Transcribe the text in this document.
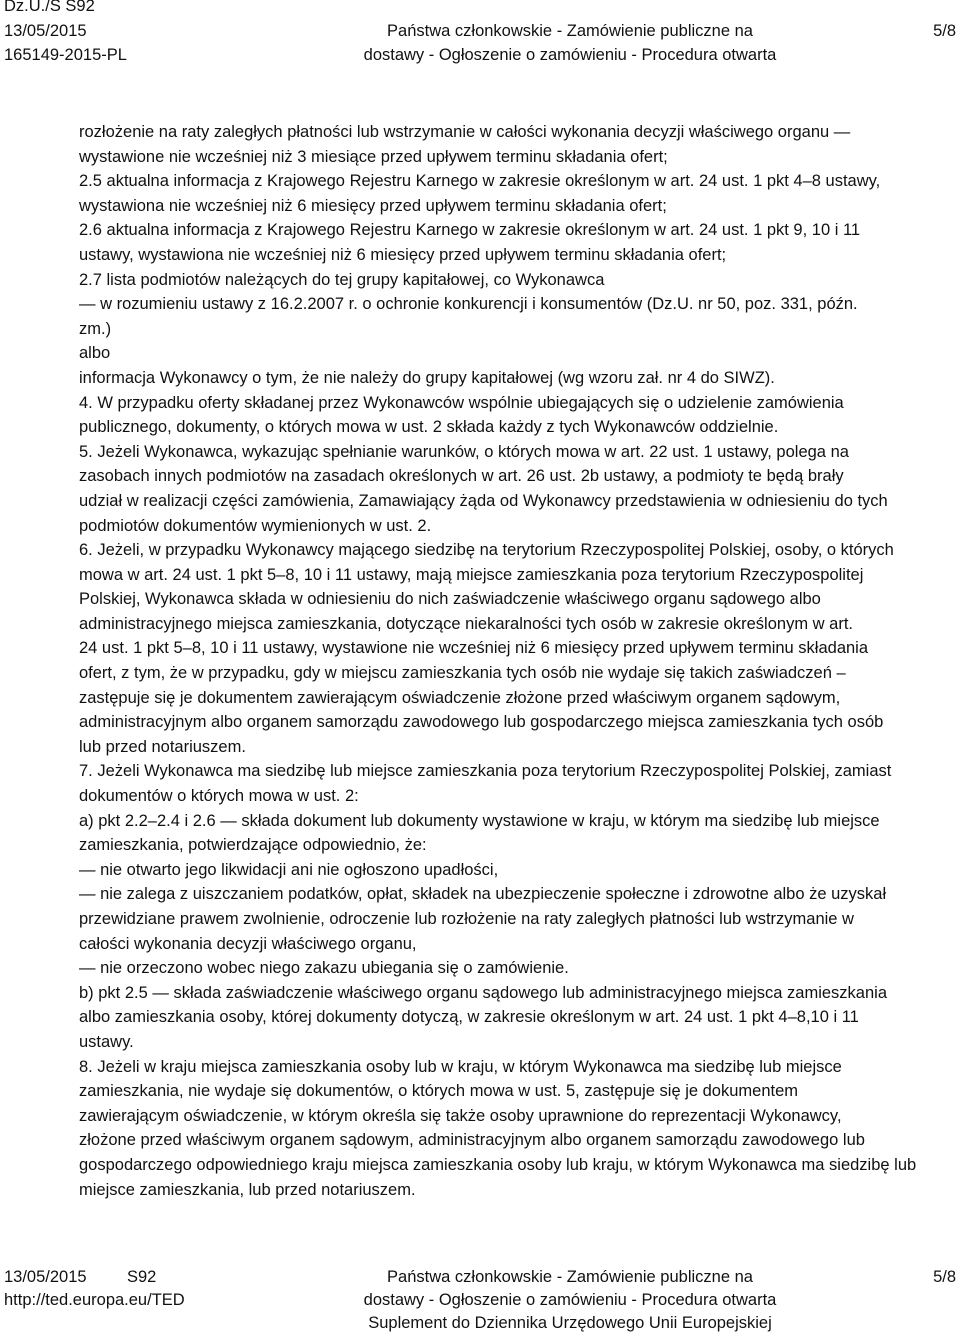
Dz.U./S S92
13/05/2015
165149-2015-PL
Państwa członkowskie - Zamówienie publiczne na
dostawy - Ogłoszenie o zamówieniu - Procedura otwarta
5/8

rozłożenie na raty zaległych płatności lub wstrzymanie w całości wykonania decyzji właściwego organu —

wystawione nie wcześniej niż 3 miesiące przed upływem terminu składania ofert;

2.5 aktualna informacja z Krajowego Rejestru Karnego w zakresie określonym w art. 24 ust. 1 pkt 4–8 ustawy,

wystawiona nie wcześniej niż 6 miesięcy przed upływem terminu składania ofert;

2.6 aktualna informacja z Krajowego Rejestru Karnego w zakresie określonym w art. 24 ust. 1 pkt 9, 10 i 11

ustawy, wystawiona nie wcześniej niż 6 miesięcy przed upływem terminu składania ofert;

2.7 lista podmiotów należących do tej grupy kapitałowej, co Wykonawca

— w rozumieniu ustawy z 16.2.2007 r. o ochronie konkurencji i konsumentów (Dz.U. nr 50, poz. 331, późn.

zm.)

albo

informacja Wykonawcy o tym, że nie należy do grupy kapitałowej (wg wzoru zał. nr 4 do SIWZ).

4. W przypadku oferty składanej przez Wykonawców wspólnie ubiegających się o udzielenie zamówienia

publicznego, dokumenty, o których mowa w ust. 2 składa każdy z tych Wykonawców oddzielnie.

5. Jeżeli Wykonawca, wykazując spełnianie warunków, o których mowa w art. 22 ust. 1 ustawy, polega na

zasobach innych podmiotów na zasadach określonych w art. 26 ust. 2b ustawy, a podmioty te będą brały

udział w realizacji części zamówienia, Zamawiający żąda od Wykonawcy przedstawienia w odniesieniu do tych

podmiotów dokumentów wymienionych w ust. 2.

6. Jeżeli, w przypadku Wykonawcy mającego siedzibę na terytorium Rzeczypospolitej Polskiej, osoby, o których

mowa w art. 24 ust. 1 pkt 5–8, 10 i 11 ustawy, mają miejsce zamieszkania poza terytorium Rzeczypospolitej

Polskiej, Wykonawca składa w odniesieniu do nich zaświadczenie właściwego organu sądowego albo

administracyjnego miejsca zamieszkania, dotyczące niekaralności tych osób w zakresie określonym w art.

24 ust. 1 pkt 5–8, 10 i 11 ustawy, wystawione nie wcześniej niż 6 miesięcy przed upływem terminu składania

ofert, z tym, że w przypadku, gdy w miejscu zamieszkania tych osób nie wydaje się takich zaświadczeń –

zastępuje się je dokumentem zawierającym oświadczenie złożone przed właściwym organem sądowym,

administracyjnym albo organem samorządu zawodowego lub gospodarczego miejsca zamieszkania tych osób

lub przed notariuszem.

7. Jeżeli Wykonawca ma siedzibę lub miejsce zamieszkania poza terytorium Rzeczypospolitej Polskiej, zamiast

dokumentów o których mowa w ust. 2:

a) pkt 2.2–2.4 i 2.6 — składa dokument lub dokumenty wystawione w kraju, w którym ma siedzibę lub miejsce

zamieszkania, potwierdzające odpowiednio, że:

— nie otwarto jego likwidacji ani nie ogłoszono upadłości,

— nie zalega z uiszczaniem podatków, opłat, składek na ubezpieczenie społeczne i zdrowotne albo że uzyskał

przewidziane prawem zwolnienie, odroczenie lub rozłożenie na raty zaległych płatności lub wstrzymanie w

całości wykonania decyzji właściwego organu,

— nie orzeczono wobec niego zakazu ubiegania się o zamówienie.

b) pkt 2.5 — składa zaświadczenie właściwego organu sądowego lub administracyjnego miejsca zamieszkania

albo zamieszkania osoby, której dokumenty dotyczą, w zakresie określonym w art. 24 ust. 1 pkt 4–8,10 i 11

ustawy.

8. Jeżeli w kraju miejsca zamieszkania osoby lub w kraju, w którym Wykonawca ma siedzibę lub miejsce

zamieszkania, nie wydaje się dokumentów, o których mowa w ust. 5, zastępuje się je dokumentem

zawierającym oświadczenie, w którym określa się także osoby uprawnione do reprezentacji Wykonawcy,

złożone przed właściwym organem sądowym, administracyjnym albo organem samorządu zawodowego lub

gospodarczego odpowiedniego kraju miejsca zamieszkania osoby lub kraju, w którym Wykonawca ma siedzibę lub

miejsce zamieszkania, lub przed notariuszem.

13/05/2015 S92
http://ted.europa.eu/TED
Państwa członkowskie - Zamówienie publiczne na
dostawy - Ogłoszenie o zamówieniu - Procedura otwarta
Suplement do Dziennika Urzędowego Unii Europejskiej
5/8
